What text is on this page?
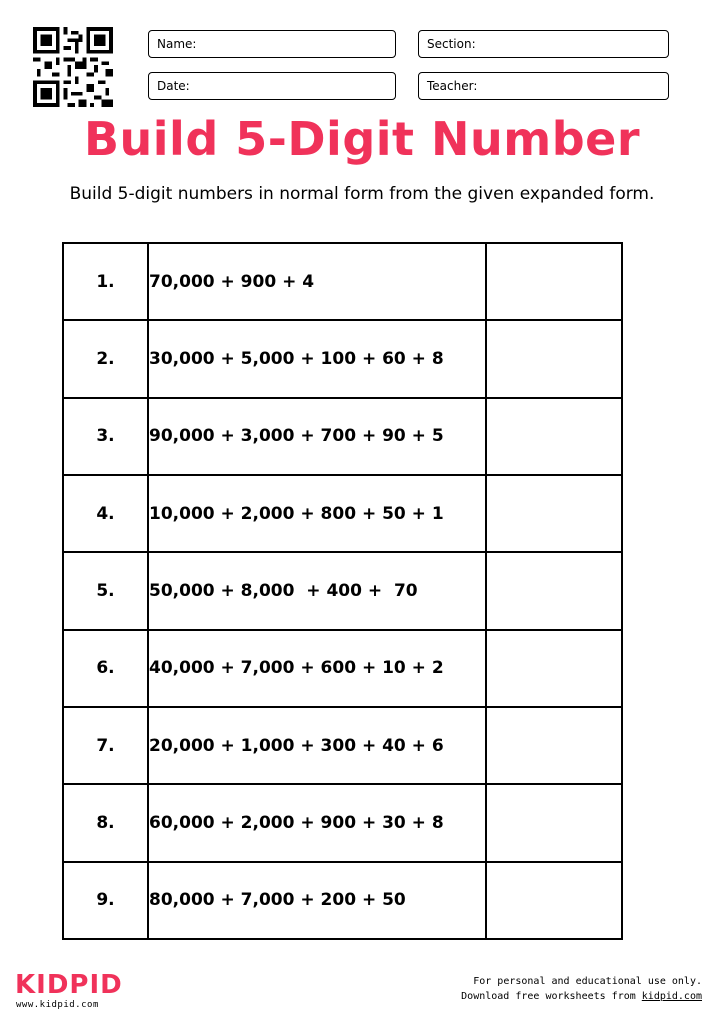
Name:	Section:
Date:	Teacher:
Build 5-Digit Number
Build 5-digit numbers in normal form from the given expanded form.
1.	70,000 + 900 + 4	
2.	30,000 + 5,000 + 100 + 60 + 8	
3.	90,000 + 3,000 + 700 + 90 + 5	
4.	10,000 + 2,000 + 800 + 50 + 1	
5.	50,000 + 8,000  + 400 +  70	
6.	40,000 + 7,000 + 600 + 10 + 2	
7.	20,000 + 1,000 + 300 + 40 + 6	
8.	60,000 + 2,000 + 900 + 30 + 8	
9.	80,000 + 7,000 + 200 + 50	
KIDPID
www.kidpid.com
For personal and educational use only.
Download free worksheets from kidpid.com
